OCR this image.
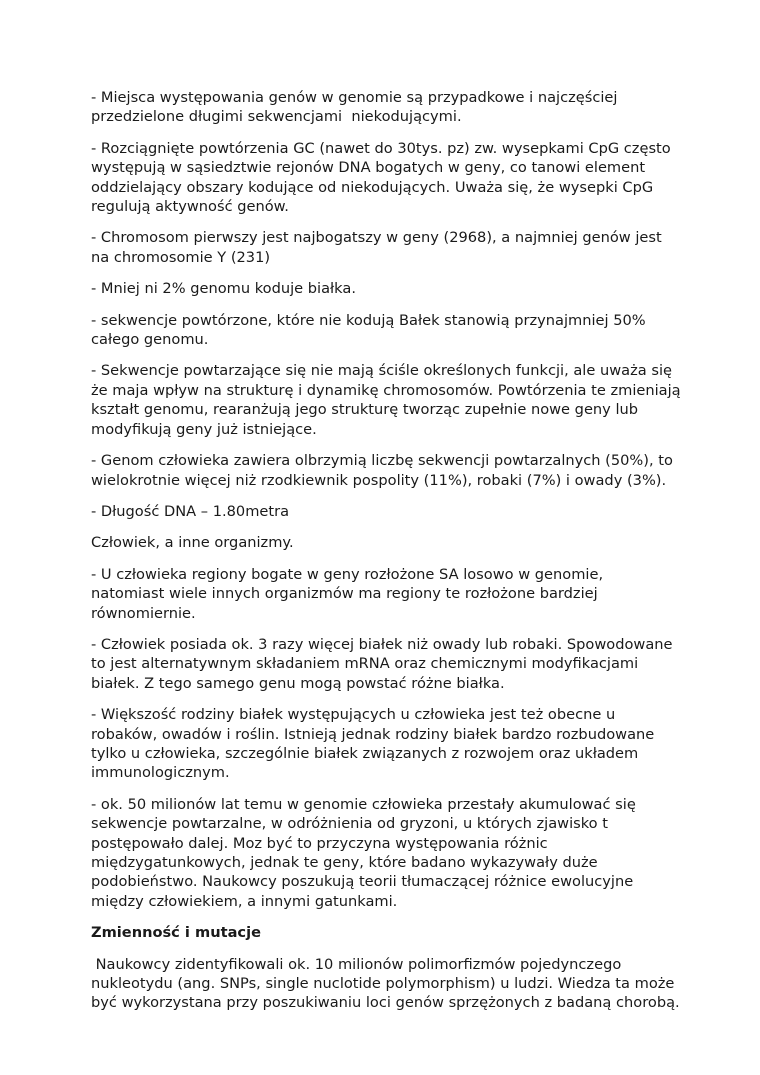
- Miejsca występowania genów w genomie są przypadkowe i najczęściej przedzielone długimi sekwencjami  niekodującymi.

- Rozciągnięte powtórzenia GC (nawet do 30tys. pz) zw. wysepkami CpG często występują w sąsiedztwie rejonów DNA bogatych w geny, co tanowi element oddzielający obszary kodujące od niekodujących. Uważa się, że wysepki CpG regulują aktywność genów.

- Chromosom pierwszy jest najbogatszy w geny (2968), a najmniej genów jest na chromosomie Y (231)

- Mniej ni 2% genomu koduje białka.

- sekwencje powtórzone, które nie kodują Bałek stanowią przynajmniej 50% całego genomu.

- Sekwencje powtarzające się nie mają ściśle określonych funkcji, ale uważa się że maja wpływ na strukturę i dynamikę chromosomów. Powtórzenia te zmieniają kształt genomu, rearanżują jego strukturę tworząc zupełnie nowe geny lub modyfikują geny już istniejące.

- Genom człowieka zawiera olbrzymią liczbę sekwencji powtarzalnych (50%), to wielokrotnie więcej niż rzodkiewnik pospolity (11%), robaki (7%) i owady (3%).

- Długość DNA – 1.80metra

Człowiek, a inne organizmy.

- U człowieka regiony bogate w geny rozłożone SA losowo w genomie, natomiast wiele innych organizmów ma regiony te rozłożone bardziej równomiernie.

- Człowiek posiada ok. 3 razy więcej białek niż owady lub robaki. Spowodowane to jest alternatywnym składaniem mRNA oraz chemicznymi modyfikacjami białek. Z tego samego genu mogą powstać różne białka.

- Większość rodziny białek występujących u człowieka jest też obecne u robaków, owadów i roślin. Istnieją jednak rodziny białek bardzo rozbudowane tylko u człowieka, szczególnie białek związanych z rozwojem oraz układem immunologicznym.

- ok. 50 milionów lat temu w genomie człowieka przestały akumulować się sekwencje powtarzalne, w odróżnienia od gryzoni, u których zjawisko t postępowało dalej. Moz być to przyczyna występowania różnic międzygatunkowych, jednak te geny, które badano wykazywały duże podobieństwo. Naukowcy poszukują teorii tłumaczącej różnice ewolucyjne między człowiekiem, a innymi gatunkami.

Zmienność i mutacje

Naukowcy zidentyfikowali ok. 10 milionów polimorfizmów pojedynczego nukleotydu (ang. SNPs, single nuclotide polymorphism) u ludzi. Wiedza ta może być wykorzystana przy poszukiwaniu loci genów sprzężonych z badaną chorobą.
